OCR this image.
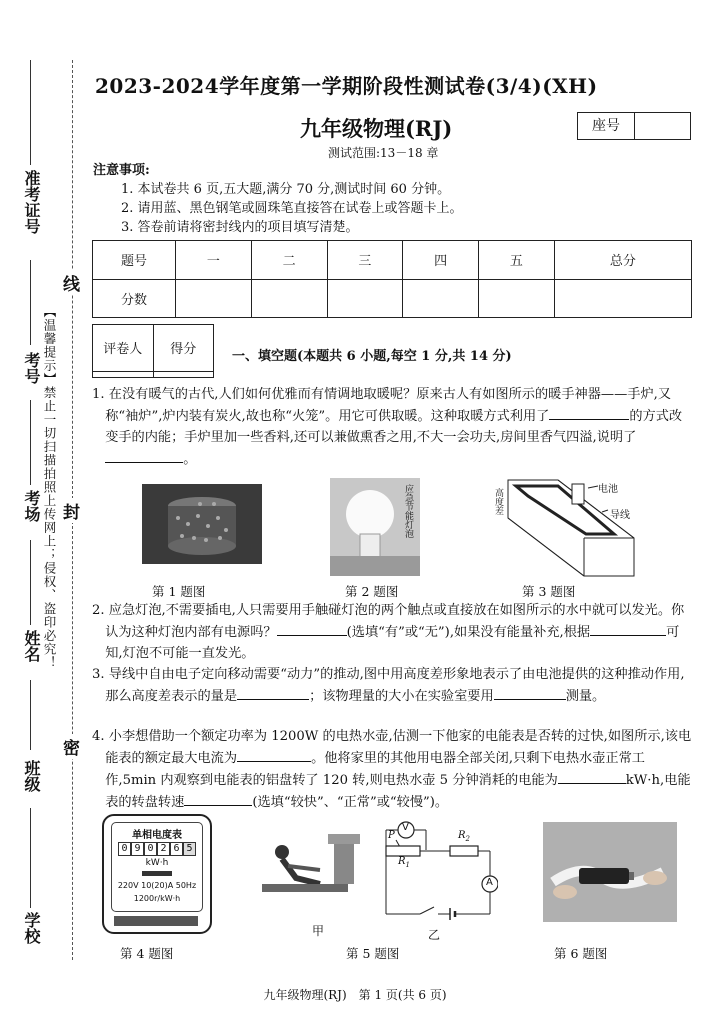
准考证号
考号
考场
姓名
班级
学校
【温馨提示】禁止一切扫描拍照上传网上；侵权、盗印必究！
线
封
密
2023-2024学年度第一学期阶段性测试卷(3/4)(XH)
九年级物理(RJ)	座号
测试范围:13－18 章
注意事项:
1. 本试卷共 6 页,五大题,满分 70 分,测试时间 60 分钟。
2. 请用蓝、黑色钢笔或圆珠笔直接答在试卷上或答题卡上。
3. 答卷前请将密封线内的项目填写清楚。
题号	一	二	三	四	五	总分
分数						
评卷人	得分
		一、填空题(本题共 6 小题,每空 1 分,共 14 分)

1. 在没有暖气的古代,人们如何优雅而有情调地取暖呢？原来古人有如图所示的暖手神器——手炉,又称“袖炉”,炉内装有炭火,故也称“火笼”。用它可供取暖。这种取暖方式利用了	的方式改变手的内能；手炉里加一些香料,还可以兼做熏香之用,不大一会功夫,房间里香气四溢,说明了。

第 1 题图
应急节能灯泡
第 2 题图
电池
导线
高度差
第 3 题图

2. 应急灯泡,不需要插电,人只需要用手触碰灯泡的两个触点或直接放在如图所示的水中就可以发光。你认为这种灯泡内部有电源吗？	(选填“有”或“无”),如果没有能量补充,根据	可知,灯泡不可能一直发光。

3. 导线中自由电子定向移动需要“动力”的推动,图中用高度差形象地表示了由电池提供的这种推动作用,那么高度差表示的量是	；该物理量的大小在实验室要用	测量。

4. 小李想借助一个额定功率为 1200W 的电热水壶,估测一下他家的电能表是否转的过快,如图所示,该电能表的额定最大电流为	。他将家里的其他用电器全部关闭,只剩下电热水壶正常工作,5min 内观察到电能表的铝盘转了 120 转,则电热水壶 5 分钟消耗的电能为	kW·h,电能表的转盘转速	(选填“较快”、“正常”或“较慢”)。

单相电度表
0 9 0 2 6 5
kW·h
220V 10(20)A 50Hz
1200r/kW·h
第 4 题图
甲
V
A
P
$R_1$
$R_2$
乙
第 5 题图	第 6 题图
九年级物理(RJ)　第 1 页(共 6 页)
